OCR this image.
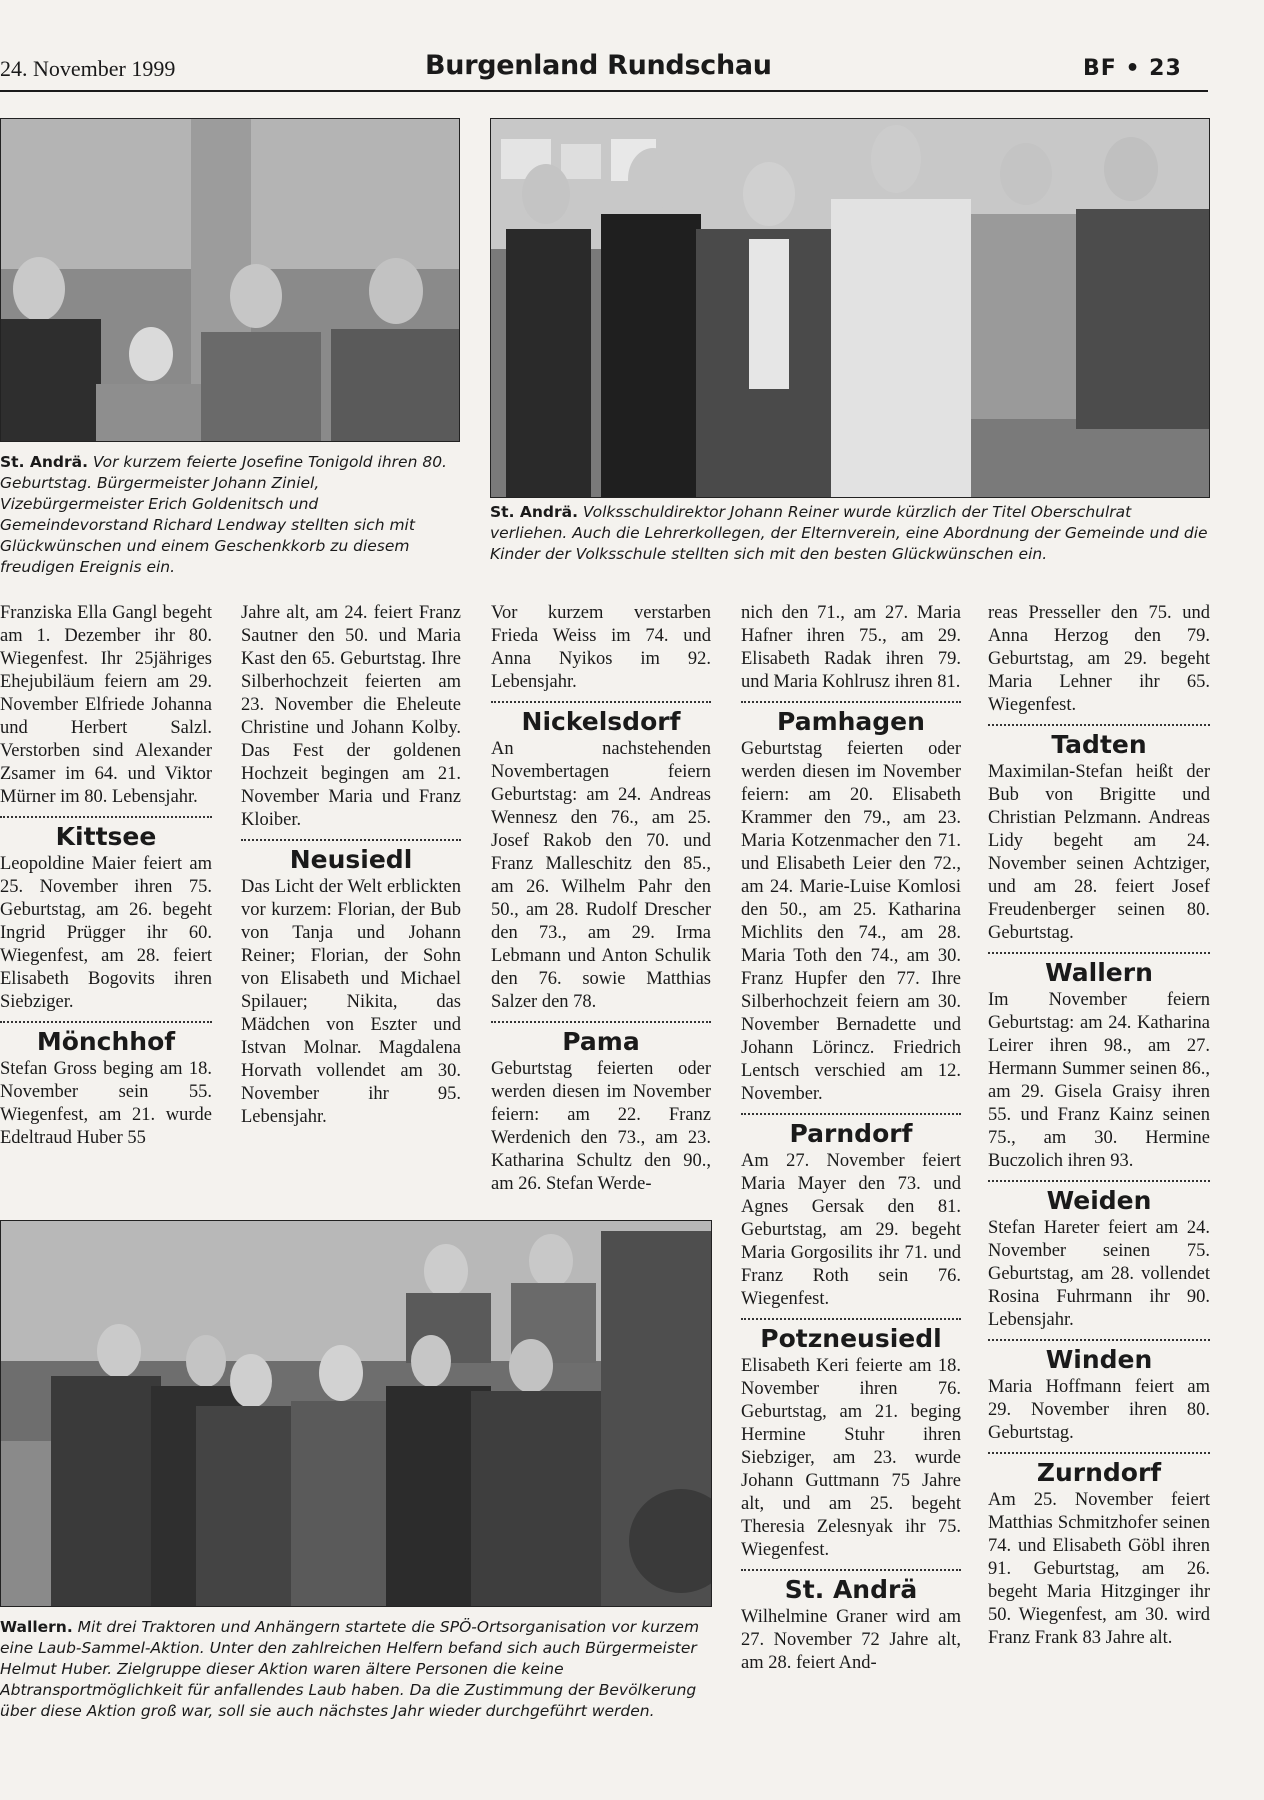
24. November 1999	Burgenland Rundschau	BF • 23
St. Andrä. Vor kurzem feierte Josefine Tonigold ihren 80. Geburtstag. Bürgermeister Johann Ziniel, Vizebürgermeister Erich Goldenitsch und Gemeindevorstand Richard Lendway stellten sich mit Glückwünschen und einem Geschenkkorb zu diesem freudigen Ereignis ein.
St. Andrä. Volksschuldirektor Johann Reiner wurde kürzlich der Titel Oberschulrat verliehen. Auch die Lehrerkollegen, der Elternverein, eine Abordnung der Gemeinde und die Kinder der Volksschule stellten sich mit den besten Glückwünschen ein.

Franziska Ella Gangl begeht am 1. Dezember ihr 80. Wiegenfest. Ihr 25jähriges Ehejubiläum feiern am 29. November Elfriede Johanna und Herbert Salzl. Verstorben sind Alexander Zsamer im 64. und Viktor Mürner im 80. Lebensjahr.

Kittsee

Leopoldine Maier feiert am 25. November ihren 75. Geburtstag, am 26. begeht Ingrid Prügger ihr 60. Wiegenfest, am 28. feiert Elisabeth Bogovits ihren Siebziger.

Mönchhof

Stefan Gross beging am 18. November sein 55. Wiegenfest, am 21. wurde Edeltraud Huber 55

Jahre alt, am 24. feiert Franz Sautner den 50. und Maria Kast den 65. Geburtstag. Ihre Silberhochzeit feierten am 23. November die Eheleute Christine und Johann Kolby. Das Fest der goldenen Hochzeit begingen am 21. November Maria und Franz Kloiber.

Neusiedl

Das Licht der Welt erblickten vor kurzem: Florian, der Bub von Tanja und Johann Reiner; Florian, der Sohn von Elisabeth und Michael Spilauer; Nikita, das Mädchen von Eszter und Istvan Molnar. Magdalena Horvath vollendet am 30. November ihr 95. Lebensjahr.

Vor kurzem verstarben Frieda Weiss im 74. und Anna Nyikos im 92. Lebensjahr.

Nickelsdorf

An nachstehenden Novembertagen feiern Geburtstag: am 24. Andreas Wennesz den 76., am 25. Josef Rakob den 70. und Franz Malleschitz den 85., am 26. Wilhelm Pahr den 50., am 28. Rudolf Drescher den 73., am 29. Irma Lebmann und Anton Schulik den 76. sowie Matthias Salzer den 78.

Pama

Geburtstag feierten oder werden diesen im November feiern: am 22. Franz Werdenich den 73., am 23. Katharina Schultz den 90., am 26. Stefan Werde-

nich den 71., am 27. Maria Hafner ihren 75., am 29. Elisabeth Radak ihren 79. und Maria Kohlrusz ihren 81.

Pamhagen

Geburtstag feierten oder werden diesen im November feiern: am 20. Elisabeth Krammer den 79., am 23. Maria Kotzenmacher den 71. und Elisabeth Leier den 72., am 24. Marie-Luise Komlosi den 50., am 25. Katharina Michlits den 74., am 28. Maria Toth den 74., am 30. Franz Hupfer den 77. Ihre Silberhochzeit feiern am 30. November Bernadette und Johann Lörincz. Friedrich Lentsch verschied am 12. November.

Parndorf

Am 27. November feiert Maria Mayer den 73. und Agnes Gersak den 81. Geburtstag, am 29. begeht Maria Gorgosilits ihr 71. und Franz Roth sein 76. Wiegenfest.

Potzneusiedl

Elisabeth Keri feierte am 18. November ihren 76. Geburtstag, am 21. beging Hermine Stuhr ihren Siebziger, am 23. wurde Johann Guttmann 75 Jahre alt, und am 25. begeht Theresia Zelesnyak ihr 75. Wiegenfest.

St. Andrä

Wilhelmine Graner wird am 27. November 72 Jahre alt, am 28. feiert And-

reas Presseller den 75. und Anna Herzog den 79. Geburtstag, am 29. begeht Maria Lehner ihr 65. Wiegenfest.

Tadten

Maximilan-Stefan heißt der Bub von Brigitte und Christian Pelzmann. Andreas Lidy begeht am 24. November seinen Achtziger, und am 28. feiert Josef Freudenberger seinen 80. Geburtstag.

Wallern

Im November feiern Geburtstag: am 24. Katharina Leirer ihren 98., am 27. Hermann Summer seinen 86., am 29. Gisela Graisy ihren 55. und Franz Kainz seinen 75., am 30. Hermine Buczolich ihren 93.

Weiden

Stefan Hareter feiert am 24. November seinen 75. Geburtstag, am 28. vollendet Rosina Fuhrmann ihr 90. Lebensjahr.

Winden

Maria Hoffmann feiert am 29. November ihren 80. Geburtstag.

Zurndorf

Am 25. November feiert Matthias Schmitzhofer seinen 74. und Elisabeth Göbl ihren 91. Geburtstag, am 26. begeht Maria Hitzginger ihr 50. Wiegenfest, am 30. wird Franz Frank 83 Jahre alt.

Wallern. Mit drei Traktoren und Anhängern startete die SPÖ-Ortsorganisation vor kurzem eine Laub-Sammel-Aktion. Unter den zahlreichen Helfern befand sich auch Bürgermeister Helmut Huber. Zielgruppe dieser Aktion waren ältere Personen die keine Abtransportmöglichkeit für anfallendes Laub haben. Da die Zustimmung der Bevölkerung über diese Aktion groß war, soll sie auch nächstes Jahr wieder durchgeführt werden.
